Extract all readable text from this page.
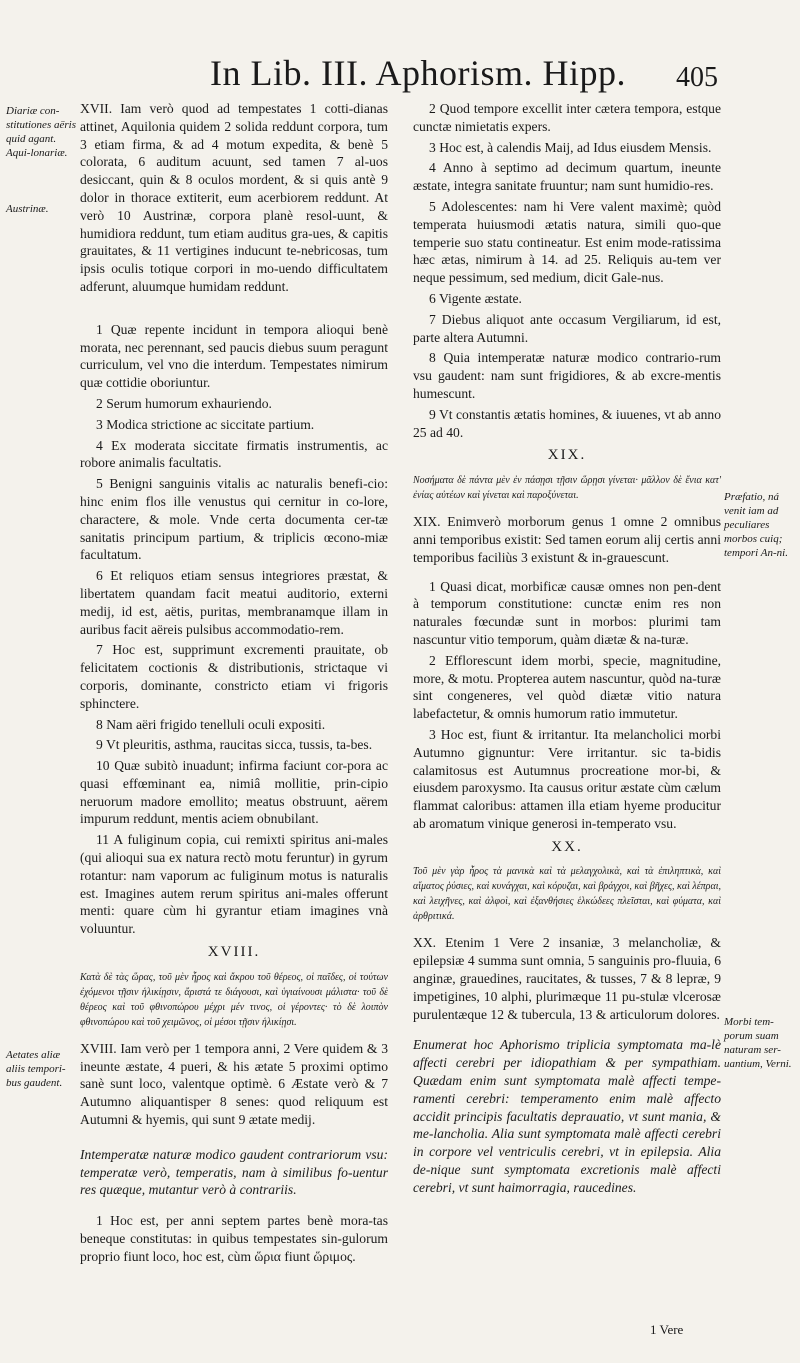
In Lib. III. Aphorism. Hipp. 405
Diariæ con-stitutiones aëris quid agant. Aqui-lonariæ.
Austrinæ.
Aetates aliæ aliis tempori-bus gaudent.
Præfatio, ná venit iam ad peculiares morbos cuiq; tempori An-ni.
Morbi tem-porum suam naturam ser-uantium, Verni.

XVII. Iam verò quod ad tempestates 1 cotti-dianas attinet, Aquilonia quidem 2 solida reddunt corpora, tum 3 etiam firma, & ad 4 motum expedita, & benè 5 colorata, 6 auditum acuunt, sed tamen 7 al-uos desiccant, quin & 8 oculos mordent, & si quis antè 9 dolor in thorace extiterit, eum acerbiorem reddunt. At verò 10 Austrinæ, corpora planè resol-uunt, & humidiora reddunt, tum etiam auditus gra-ues, & capitis grauitates, & 11 vertigines inducunt te-nebricosas, tum ipsis oculis totique corpori in mo-uendo difficultatem adferunt, aluumque humidam reddunt.

1 Quæ repente incidunt in tempora alioqui benè morata, nec perennant, sed paucis diebus suum peragunt curriculum, vel vno die interdum. Tempestates nimirum quæ cottidie oboriuntur.

2 Serum humorum exhauriendo.

3 Modica strictione ac siccitate partium.

4 Ex moderata siccitate firmatis instrumentis, ac robore animalis facultatis.

5 Benigni sanguinis vitalis ac naturalis benefi-cio: hinc enim flos ille venustus qui cernitur in co-lore, charactere, & mole. Vnde certa documenta cer-tæ sanitatis principum partium, & triplicis œcono-miæ facultatum.

6 Et reliquos etiam sensus integriores præstat, & libertatem quandam facit meatui auditorio, externi medij, id est, aëtis, puritas, membranamque illam in auribus facit aëreis pulsibus accommodatio-rem.

7 Hoc est, supprimunt excrementi prauitate, ob felicitatem coctionis & distributionis, strictaque vi corporis, dominante, constricto etiam vi frigoris sphinctere.

8 Nam aëri frigido tenelluli oculi expositi.

9 Vt pleuritis, asthma, raucitas sicca, tussis, ta-bes.

10 Quæ subitò inuadunt; infirma faciunt cor-pora ac quasi effœminant ea, nimiâ mollitie, prin-cipio neruorum madore emollito; meatus obstruunt, aërem impurum reddunt, mentis aciem obnubilant.

11 A fuliginum copia, cui remixti spiritus ani-males (qui alioqui sua ex natura rectò motu feruntur) in gyrum rotantur: nam vaporum ac fuliginum motus is naturalis est. Imagines autem rerum spiritus ani-males offerunt menti: quare cùm hi gyrantur etiam imagines vnà voluuntur.

XVIII.

Κατὰ δὲ τὰς ὥρας, τοῦ μὲν ἦρος καὶ ἄκρου τοῦ θέρεος, οἱ παῖδες, οἱ τούτων ἐχόμενοι τῇσιν ἡλικίῃσιν, ἄριστά τε διάγουσι, καὶ ὑγιαίνουσι μάλιστα· τοῦ δὲ θέρεος καὶ τοῦ φθινοπώρου μέχρι μέν τινος, οἱ γέροντες· τὸ δὲ λοιπὸν φθινοπώρου καὶ τοῦ χειμῶνος, οἱ μέσοι τῇσιν ἡλικίῃσι.

XVIII. Iam verò per 1 tempora anni, 2 Vere quidem & 3 ineunte æstate, 4 pueri, & his ætate 5 proximi optimo sanè sunt loco, valentque optimè. 6 Æstate verò & 7 Autumno aliquantisper 8 senes: quod reliquum est Autumni & hyemis, qui sunt 9 ætate medij.

Intemperatæ naturæ modico gaudent contrariorum vsu: temperatæ verò, temperatis, nam à similibus fo-uentur res quæque, mutantur verò à contrariis.

1 Hoc est, per anni septem partes benè mora-tas beneque constitutas: in quibus tempestates sin-gulorum proprio fiunt loco, hoc est, cùm ὥρια fiunt ὥριμος.

2 Quod tempore excellit inter cætera tempora, estque cunctæ nimietatis expers.

3 Hoc est, à calendis Maij, ad Idus eiusdem Mensis.

4 Anno à septimo ad decimum quartum, ineunte æstate, integra sanitate fruuntur; nam sunt humidio-res.

5 Adolescentes: nam hi Vere valent maximè; quòd temperata huiusmodi ætatis natura, simili quo-que temperie suo statu contineatur. Est enim mode-ratissima hæc ætas, nimirum à 14. ad 25. Reliquis au-tem ver neque pessimum, sed medium, dicit Gale-nus.

6 Vigente æstate.

7 Diebus aliquot ante occasum Vergiliarum, id est, parte altera Autumni.

8 Quia intemperatæ naturæ modico contrario-rum vsu gaudent: nam sunt frigidiores, & ab excre-mentis humescunt.

9 Vt constantis ætatis homines, & iuuenes, vt ab anno 25 ad 40.

XIX.

Νοσήματα δὲ πάντα μὲν ἐν πάσῃσι τῇσιν ὥρῃσι γίνεται· μᾶλλον δὲ ἔνια κατ' ἐνίας αὐτέων καὶ γίνεται καὶ παροξύνεται.

XIX. Enimverò morborum genus 1 omne 2 omnibus anni temporibus existit: Sed tamen eorum alij certis anni temporibus faciliùs 3 existunt & in-grauescunt.

1 Quasi dicat, morbificæ causæ omnes non pen-dent à temporum constitutione: cunctæ enim res non naturales fœcundæ sunt in morbos: plurimi tam nascuntur vitio temporum, quàm diætæ & na-turæ.

2 Efflorescunt idem morbi, specie, magnitudine, more, & motu. Propterea autem nascuntur, quòd na-turæ sint congeneres, vel quòd diætæ vitio natura labefactetur, & omnis humorum ratio immutetur.

3 Hoc est, fiunt & irritantur. Ita melancholici morbi Autumno gignuntur: Vere irritantur. sic ta-bidis calamitosus est Autumnus procreatione mor-bi, & eiusdem paroxysmo. Ita causus oritur æstate cùm cælum flammat caloribus: attamen illa etiam hyeme producitur ab aromatum vinique generosi in-temperato vsu.

XX.

Τοῦ μὲν γὰρ ἦρος τὰ μανικὰ καὶ τὰ μελαγχολικὰ, καὶ τὰ ἐπιληπτικὰ, καὶ αἵματος ῥύσιες, καὶ κυνάγχαι, καὶ κόρυζαι, καὶ βράγχοι, καὶ βῆχες, καὶ λέπραι, καὶ λειχῆνες, καὶ ἀλφοὶ, καὶ ἐξανθήσιες ἑλκώδεες πλεῖσται, καὶ φύματα, καὶ ἀρθριτικά.

XX. Etenim 1 Vere 2 insaniæ, 3 melancholiæ, & epilepsiæ 4 summa sunt omnia, 5 sanguinis pro-fluuia, 6 anginæ, grauedines, raucitates, & tusses, 7 & 8 lepræ, 9 impetigines, 10 alphi, plurimæque 11 pu-stulæ vlcerosæ purulentæque 12 & tubercula, 13 & articulorum dolores.

Enumerat hoc Aphorismo triplicia symptomata ma-lè affecti cerebri per idiopathiam & per sympathiam. Quædam enim sunt symptomata malè affecti tempe-ramenti cerebri: temperamento enim malè affecto accidit principis facultatis deprauatio, vt sunt mania, & me-lancholia. Alia sunt symptomata malè affecti cerebri in corpore vel ventriculis cerebri, vt in epilepsia. Alia de-nique sunt symptomata excretionis malè affecti cerebri, vt sunt haimorragia, raucedines.

1 Vere
